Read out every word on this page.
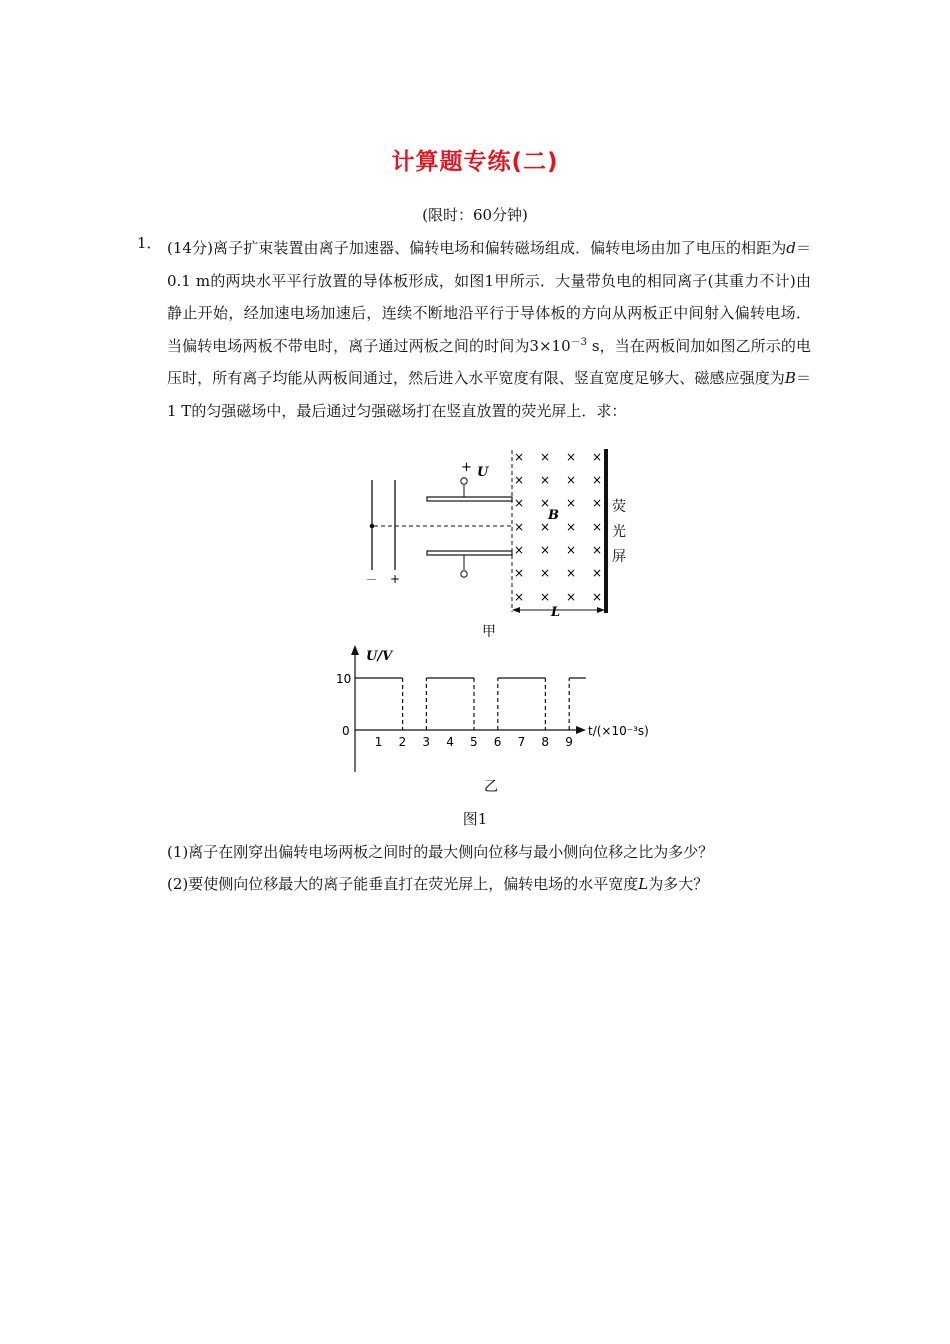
计算题专练(二)
(限时：60分钟)
1． (14分)离子扩束装置由离子加速器、偏转电场和偏转磁场组成．偏转电场由加了电压的相距为d＝0.1 m的两块水平平行放置的导体板形成，如图1甲所示．大量带负电的相同离子(其重力不计)由静止开始，经加速电场加速后，连续不断地沿平行于导体板的方向从两板正中间射入偏转电场．当偏转电场两板不带电时，离子通过两板之间的时间为$3\times 10^{-3}$ s，当在两板间加如图乙所示的电压时，所有离子均能从两板间通过，然后进入水平宽度有限、竖直宽度足够大、磁感应强度为B＝1 T的匀强磁场中，最后通过匀强磁场打在竖直放置的荧光屏上．求：

× × × ×
× × × ×
× × × ×
× × × ×
× × × ×
× × × ×
× × × ×
+ U
B
L
－ +
荧
光
屏
甲
1 2 3 4 5 6 7 8 9
U/V
10
0	t/(×10⁻³s)
乙
图1
(1)离子在刚穿出偏转电场两板之间时的最大侧向位移与最小侧向位移之比为多少？
(2)要使侧向位移最大的离子能垂直打在荧光屏上，偏转电场的水平宽度L为多大？
